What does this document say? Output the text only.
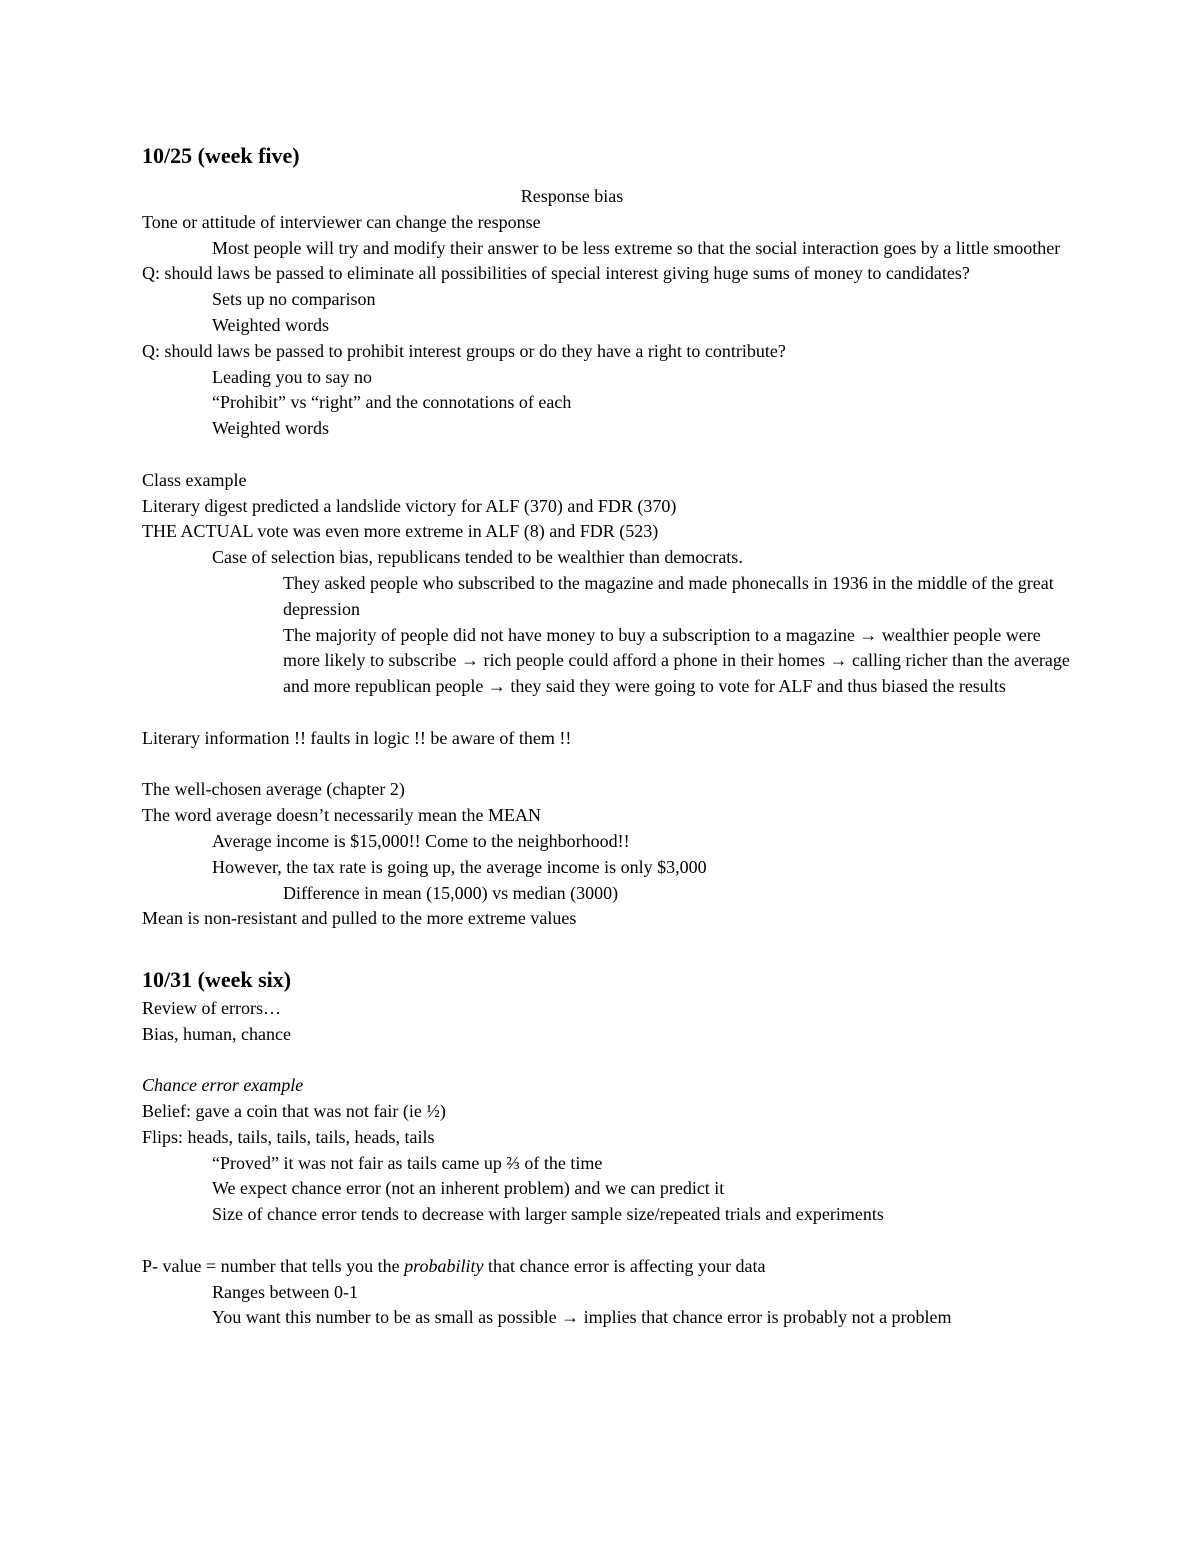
10/25 (week five)

Response bias

Tone or attitude of interviewer can change the response

Most people will try and modify their answer to be less extreme so that the social interaction goes by a little smoother

Q: should laws be passed to eliminate all possibilities of special interest giving huge sums of money to candidates?

Sets up no comparison

Weighted words

Q: should laws be passed to prohibit interest groups or do they have a right to contribute?

Leading you to say no

“Prohibit” vs “right” and the connotations of each

Weighted words

Class example

Literary digest predicted a landslide victory for ALF (370) and FDR (370)

THE ACTUAL vote was even more extreme in ALF (8) and FDR (523)

Case of selection bias, republicans tended to be wealthier than democrats.

They asked people who subscribed to the magazine and made phonecalls in 1936 in the middle of the great depression

The majority of people did not have money to buy a subscription to a magazine → wealthier people were more likely to subscribe → rich people could afford a phone in their homes → calling richer than the average and more republican people → they said they were going to vote for ALF and thus biased the results

Literary information !! faults in logic !! be aware of them !!

The well-chosen average (chapter 2)

The word average doesn’t necessarily mean the MEAN

Average income is $15,000!! Come to the neighborhood!!

However, the tax rate is going up, the average income is only $3,000

Difference in mean (15,000) vs median (3000)

Mean is non-resistant and pulled to the more extreme values

10/31 (week six)

Review of errors…

Bias, human, chance

Chance error example

Belief: gave a coin that was not fair (ie ½)

Flips: heads, tails, tails, tails, heads, tails

“Proved” it was not fair as tails came up ⅔ of the time

We expect chance error (not an inherent problem) and we can predict it

Size of chance error tends to decrease with larger sample size/repeated trials and experiments

P- value = number that tells you the probability that chance error is affecting your data

Ranges between 0-1

You want this number to be as small as possible → implies that chance error is probably not a problem
